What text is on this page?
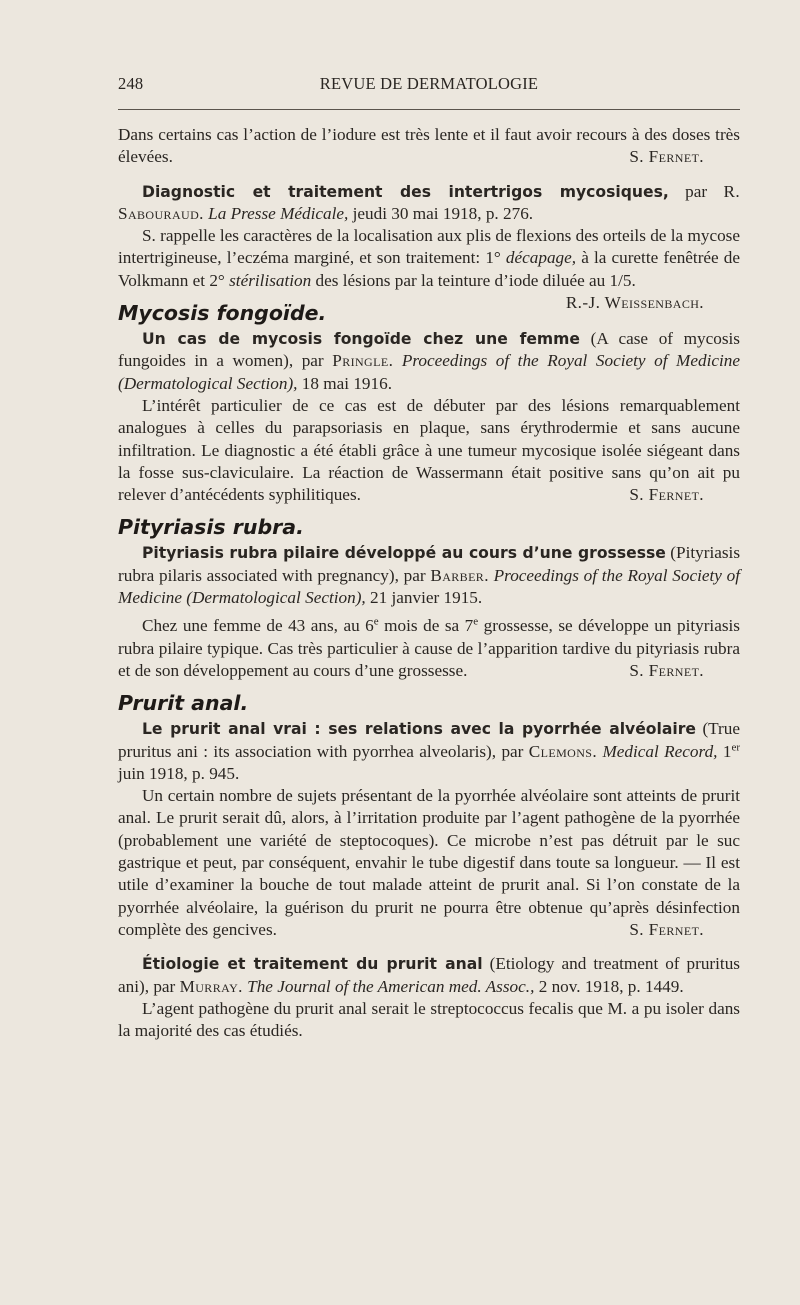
248	REVUE DE DERMATOLOGIE

Dans certains cas l’action de l’iodure est très lente et il faut avoir recours à des doses très élevées.	S. Fernet.

Diagnostic et traitement des intertrigos mycosiques, par R. Sabouraud. La Presse Médicale, jeudi 30 mai 1918, p. 276.

S. rappelle les caractères de la localisation aux plis de flexions des orteils de la mycose intertrigineuse, l’eczéma marginé, et son traitement: 1° décapage, à la curette fenêtrée de Volkmann et 2° stérilisation des lésions par la teinture d’iode diluée au 1/5.
R.-J. Weissenbach.

Mycosis fongoïde.

Un cas de mycosis fongoïde chez une femme (A case of mycosis fungoides in a women), par Pringle. Proceedings of the Royal Society of Medicine (Dermatological Section), 18 mai 1916.

L’intérêt particulier de ce cas est de débuter par des lésions remarquablement analogues à celles du parapsoriasis en plaque, sans érythrodermie et sans aucune infiltration. Le diagnostic a été établi grâce à une tumeur mycosique isolée siégeant dans la fosse sus-claviculaire. La réaction de Wassermann était positive sans qu’on ait pu relever d’antécédents syphilitiques.	S. Fernet.

Pityriasis rubra.

Pityriasis rubra pilaire développé au cours d’une grossesse (Pityriasis rubra pilaris associated with pregnancy), par Barber. Proceedings of the Royal Society of Medicine (Dermatological Section), 21 janvier 1915.

Chez une femme de 43 ans, au 6e mois de sa 7e grossesse, se développe un pityriasis rubra pilaire typique. Cas très particulier à cause de l’apparition tardive du pityriasis rubra et de son développement au cours d’une grossesse.	S. Fernet.

Prurit anal.

Le prurit anal vrai : ses relations avec la pyorrhée alvéolaire (True pruritus ani : its association with pyorrhea alveolaris), par Clemons. Medical Record, 1er juin 1918, p. 945.

Un certain nombre de sujets présentant de la pyorrhée alvéolaire sont atteints de prurit anal. Le prurit serait dû, alors, à l’irritation produite par l’agent pathogène de la pyorrhée (probablement une variété de steptocoques). Ce microbe n’est pas détruit par le suc gastrique et peut, par conséquent, envahir le tube digestif dans toute sa longueur. — Il est utile d’examiner la bouche de tout malade atteint de prurit anal. Si l’on constate de la pyorrhée alvéolaire, la guérison du prurit ne pourra être obtenue qu’après désinfection complète des gencives.	S. Fernet.

Étiologie et traitement du prurit anal (Etiology and treatment of pruritus ani), par Murray. The Journal of the American med. Assoc., 2 nov. 1918, p. 1449.

L’agent pathogène du prurit anal serait le streptococcus fecalis que M. a pu isoler dans la majorité des cas étudiés.
